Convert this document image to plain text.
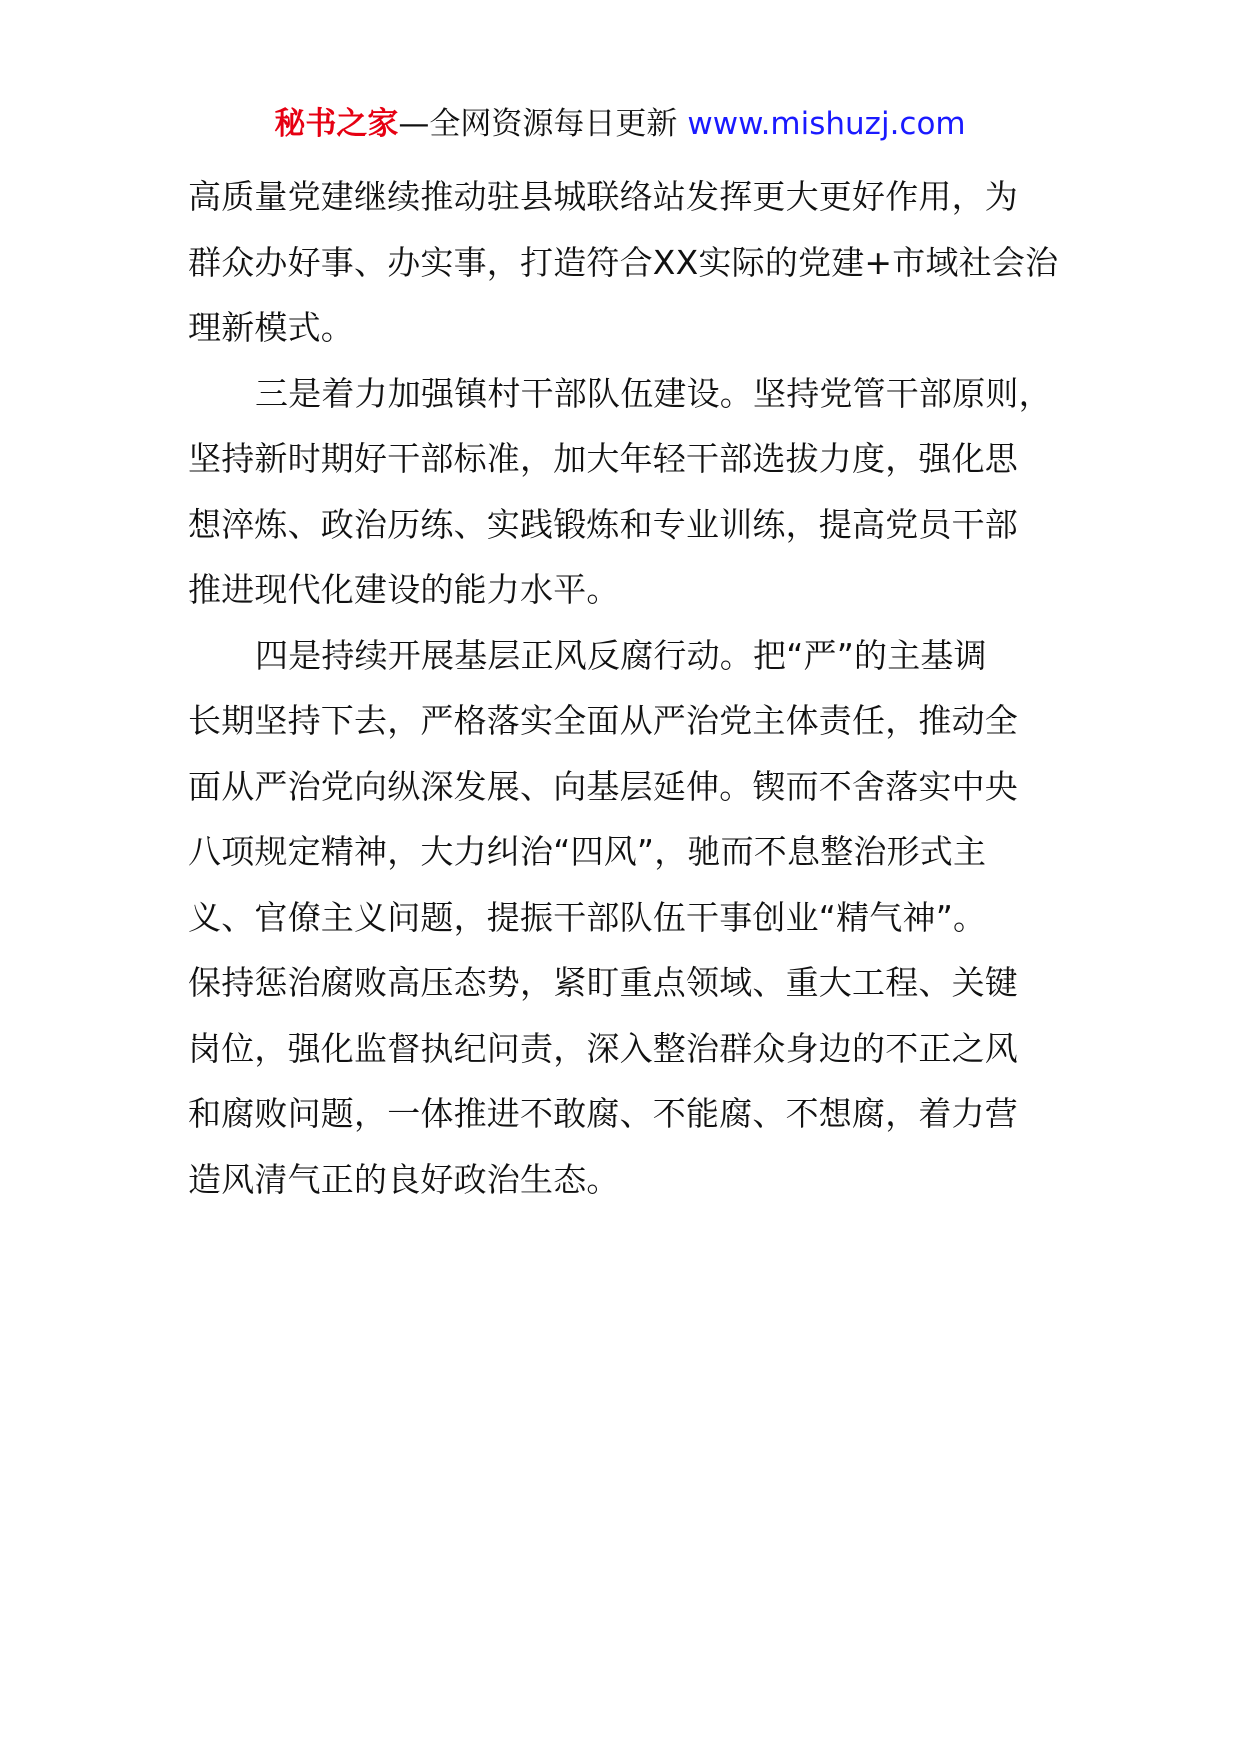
秘书之家—全网资源每日更新 www.mishuzj.com
高质量党建继续推动驻县城联络站发挥更大更好作用，为
群众办好事、办实事，打造符合XX实际的党建+市域社会治
理新模式。
三是着力加强镇村干部队伍建设。坚持党管干部原则，
坚持新时期好干部标准，加大年轻干部选拔力度，强化思
想淬炼、政治历练、实践锻炼和专业训练，提高党员干部
推进现代化建设的能力水平。
四是持续开展基层正风反腐行动。把“严”的主基调
长期坚持下去，严格落实全面从严治党主体责任，推动全
面从严治党向纵深发展、向基层延伸。锲而不舍落实中央
八项规定精神，大力纠治“四风”，驰而不息整治形式主
义、官僚主义问题，提振干部队伍干事创业“精气神”。
保持惩治腐败高压态势，紧盯重点领域、重大工程、关键
岗位，强化监督执纪问责，深入整治群众身边的不正之风
和腐败问题，一体推进不敢腐、不能腐、不想腐，着力营
造风清气正的良好政治生态。
